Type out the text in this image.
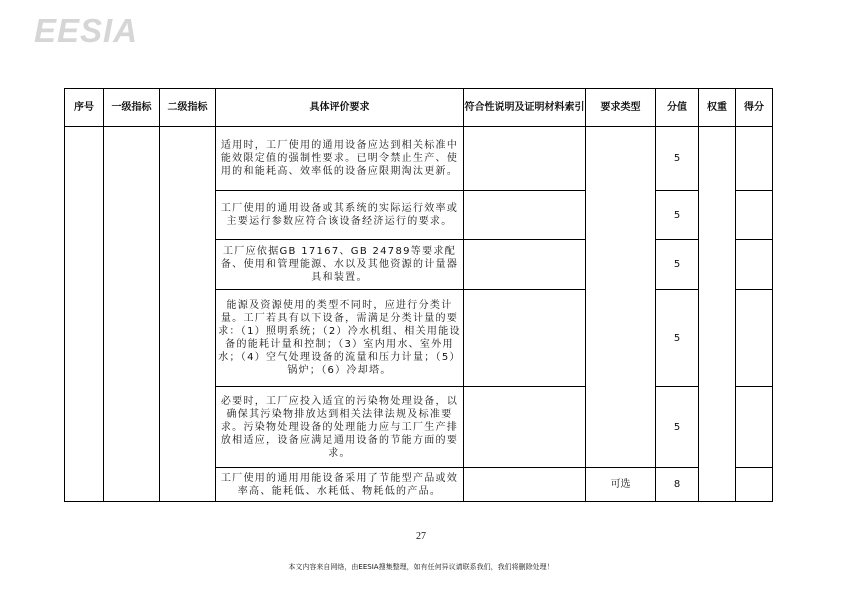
EESIA
序号	一级指标	二级指标	具体评价要求	符合性说明及证明材料索引	要求类型	分值	权重	得分
			适用时，工厂使用的通用设备应达到相关标准中能效限定值的强制性要求。已明令禁止生产、使用的和能耗高、效率低的设备应限期淘汰更新。			5		
			工厂使用的通用设备或其系统的实际运行效率或主要运行参数应符合该设备经济运行的要求。			5		
			工厂应依据GB 17167、GB 24789等要求配备、使用和管理能源、水以及其他资源的计量器具和装置。			5		
			能源及资源使用的类型不同时，应进行分类计量。工厂若具有以下设备，需满足分类计量的要求：（1）照明系统；（2）冷水机组、相关用能设备的能耗计量和控制；（3）室内用水、室外用水；（4）空气处理设备的流量和压力计量；（5）锅炉；（6）冷却塔。			5		
			必要时，工厂应投入适宜的污染物处理设备，以确保其污染物排放达到相关法律法规及标准要求。污染物处理设备的处理能力应与工厂生产排放相适应，设备应满足通用设备的节能方面的要求。			5		
			工厂使用的通用用能设备采用了节能型产品或效率高、能耗低、水耗低、物耗低的产品。		可选	8		
27
本文内容来自网络，由EESIA搜集整理，如有任何异议请联系我们，我们将删除处理！
